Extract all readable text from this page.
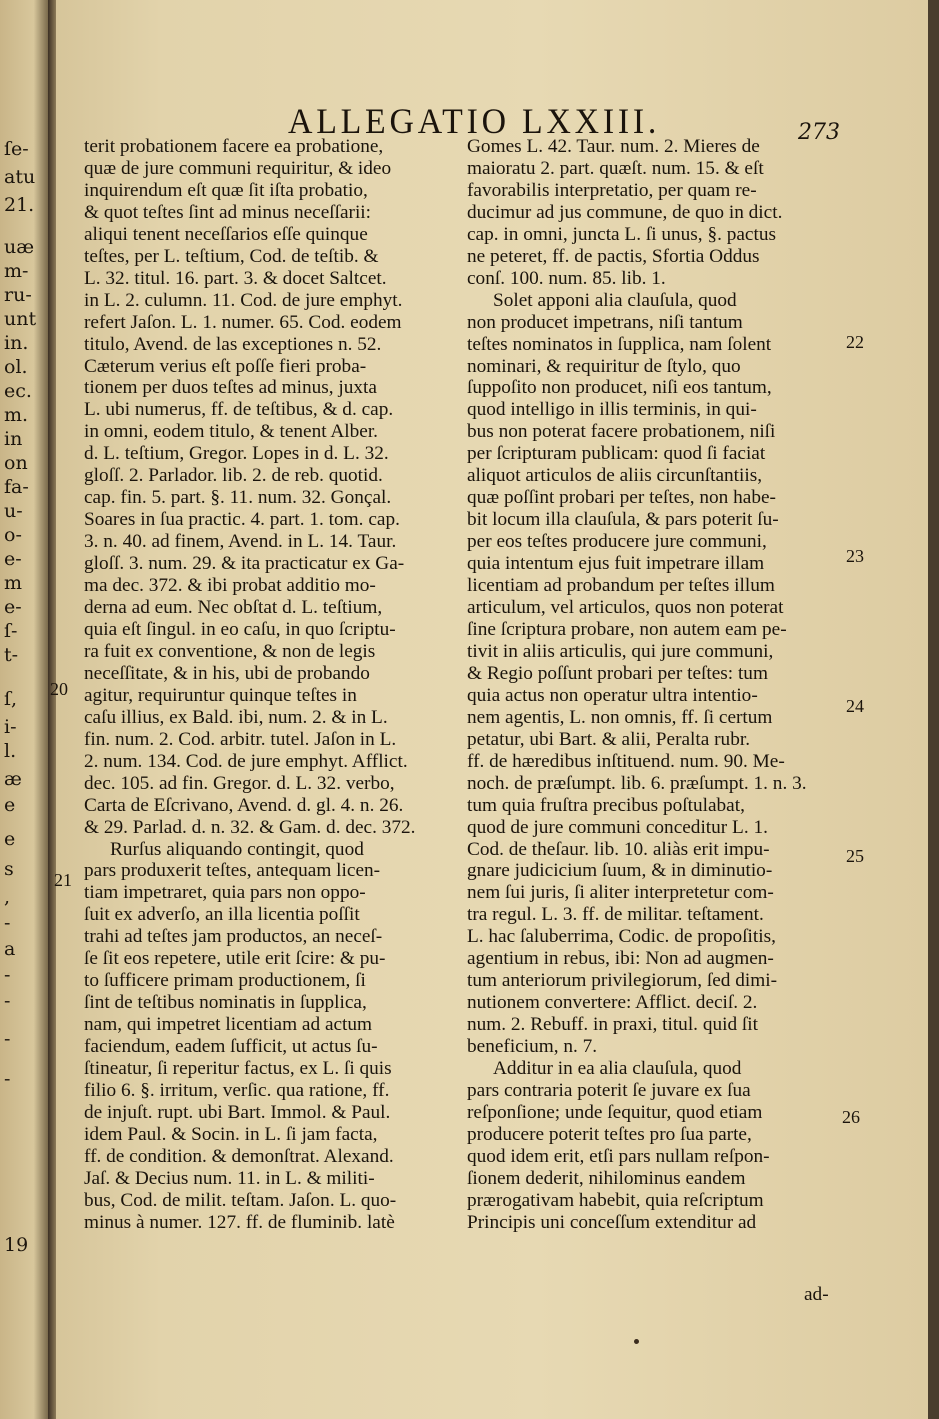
ſe-
atu
21.
uæ
m-
ru-
unt
in.
ol.
ec.
m.
in
on
fa-
u-
o-
e-
m
e-
ſ-
t-
ſ,
i-
l.
æ
e
e
s
,
-
a
-
-
-
-
19
ALLEGATIO LXXIII.	273
terit probationem facere ea probatione,
quæ de jure communi requiritur, & ideo
inquirendum eſt quæ ſit iſta probatio,
& quot teſtes ſint ad minus neceſſarii:
aliqui tenent neceſſarios eſſe quinque
teſtes, per L. teſtium, Cod. de teſtib. &
L. 32. titul. 16. part. 3. & docet Saltcet.
in L. 2. culumn. 11. Cod. de jure emphyt.
refert Jaſon. L. 1. numer. 65. Cod. eodem
titulo, Avend. de las exceptiones n. 52.
Cæterum verius eſt poſſe fieri proba-
tionem per duos teſtes ad minus, juxta
L. ubi numerus, ff. de teſtibus, & d. cap.
in omni, eodem titulo, & tenent Alber.
d. L. teſtium, Gregor. Lopes in d. L. 32.
gloſſ. 2. Parlador. lib. 2. de reb. quotid.
cap. fin. 5. part. §. 11. num. 32. Gonçal.
Soares in ſua practic. 4. part. 1. tom. cap.
3. n. 40. ad finem, Avend. in L. 14. Taur.
gloſſ. 3. num. 29. & ita practicatur ex Ga-
ma dec. 372. & ibi probat additio mo-
derna ad eum. Nec obſtat d. L. teſtium,
quia eſt ſingul. in eo caſu, in quo ſcriptu-
ra fuit ex conventione, & non de legis
neceſſitate, & in his, ubi de probando
agitur, requiruntur quinque teſtes in
caſu illius, ex Bald. ibi, num. 2. & in L.
fin. num. 2. Cod. arbitr. tutel. Jaſon in L.
2. num. 134. Cod. de jure emphyt. Afflict.
dec. 105. ad fin. Gregor. d. L. 32. verbo,
Carta de Eſcrivano, Avend. d. gl. 4. n. 26.
& 29. Parlad. d. n. 32. & Gam. d. dec. 372.
Rurſus aliquando contingit, quod
pars produxerit teſtes, antequam licen-
tiam impetraret, quia pars non oppo-
ſuit ex adverſo, an illa licentia poſſit
trahi ad teſtes jam productos, an neceſ-
ſe ſit eos repetere, utile erit ſcire: & pu-
to ſufficere primam productionem, ſi
ſint de teſtibus nominatis in ſupplica,
nam, qui impetret licentiam ad actum
faciendum, eadem ſufficit, ut actus ſu-
ſtineatur, ſi reperitur factus, ex L. ſi quis
filio 6. §. irritum, verſic. qua ratione, ff.
de injuſt. rupt. ubi Bart. Immol. & Paul.
idem Paul. & Socin. in L. ſi jam facta,
ff. de condition. & demonſtrat. Alexand.
Jaſ. & Decius num. 11. in L. & militi-
bus, Cod. de milit. teſtam. Jaſon. L. quo-
minus à numer. 127. ff. de fluminib. latè
Gomes L. 42. Taur. num. 2. Mieres de
maioratu 2. part. quæſt. num. 15. & eſt
favorabilis interpretatio, per quam re-
ducimur ad jus commune, de quo in dict.
cap. in omni, juncta L. ſi unus, §. pactus
ne peteret, ff. de pactis, Sfortia Oddus
conſ. 100. num. 85. lib. 1.
Solet apponi alia clauſula, quod
non producet impetrans, niſi tantum
teſtes nominatos in ſupplica, nam ſolent
nominari, & requiritur de ſtylo, quo
ſuppoſito non producet, niſi eos tantum,
quod intelligo in illis terminis, in qui-
bus non poterat facere probationem, niſi
per ſcripturam publicam: quod ſi faciat
aliquot articulos de aliis circunſtantiis,
quæ poſſint probari per teſtes, non habe-
bit locum illa clauſula, & pars poterit ſu-
per eos teſtes producere jure communi,
quia intentum ejus fuit impetrare illam
licentiam ad probandum per teſtes illum
articulum, vel articulos, quos non poterat
ſine ſcriptura probare, non autem eam pe-
tivit in aliis articulis, qui jure communi,
& Regio poſſunt probari per teſtes: tum
quia actus non operatur ultra intentio-
nem agentis, L. non omnis, ff. ſi certum
petatur, ubi Bart. & alii, Peralta rubr.
ff. de hæredibus inſtituend. num. 90. Me-
noch. de præſumpt. lib. 6. præſumpt. 1. n. 3.
tum quia fruſtra precibus poſtulabat,
quod de jure communi conceditur L. 1.
Cod. de theſaur. lib. 10. aliàs erit impu-
gnare judicicium ſuum, & in diminutio-
nem ſui juris, ſi aliter interpretetur com-
tra regul. L. 3. ff. de militar. teſtament.
L. hac ſaluberrima, Codic. de propoſitis,
agentium in rebus, ibi: Non ad augmen-
tum anteriorum privilegiorum, ſed dimi-
nutionem convertere: Afflict. deciſ. 2.
num. 2. Rebuff. in praxi, titul. quid ſit
beneficium, n. 7.
Additur in ea alia clauſula, quod
pars contraria poterit ſe juvare ex ſua
reſponſione; unde ſequitur, quod etiam
producere poterit teſtes pro ſua parte,
quod idem erit, etſi pars nullam reſpon-
ſionem dederit, nihilominus eandem
prærogativam habebit, quia reſcriptum
Principis uni conceſſum extenditur ad
20
21
22
23
24
25
26
ad-
